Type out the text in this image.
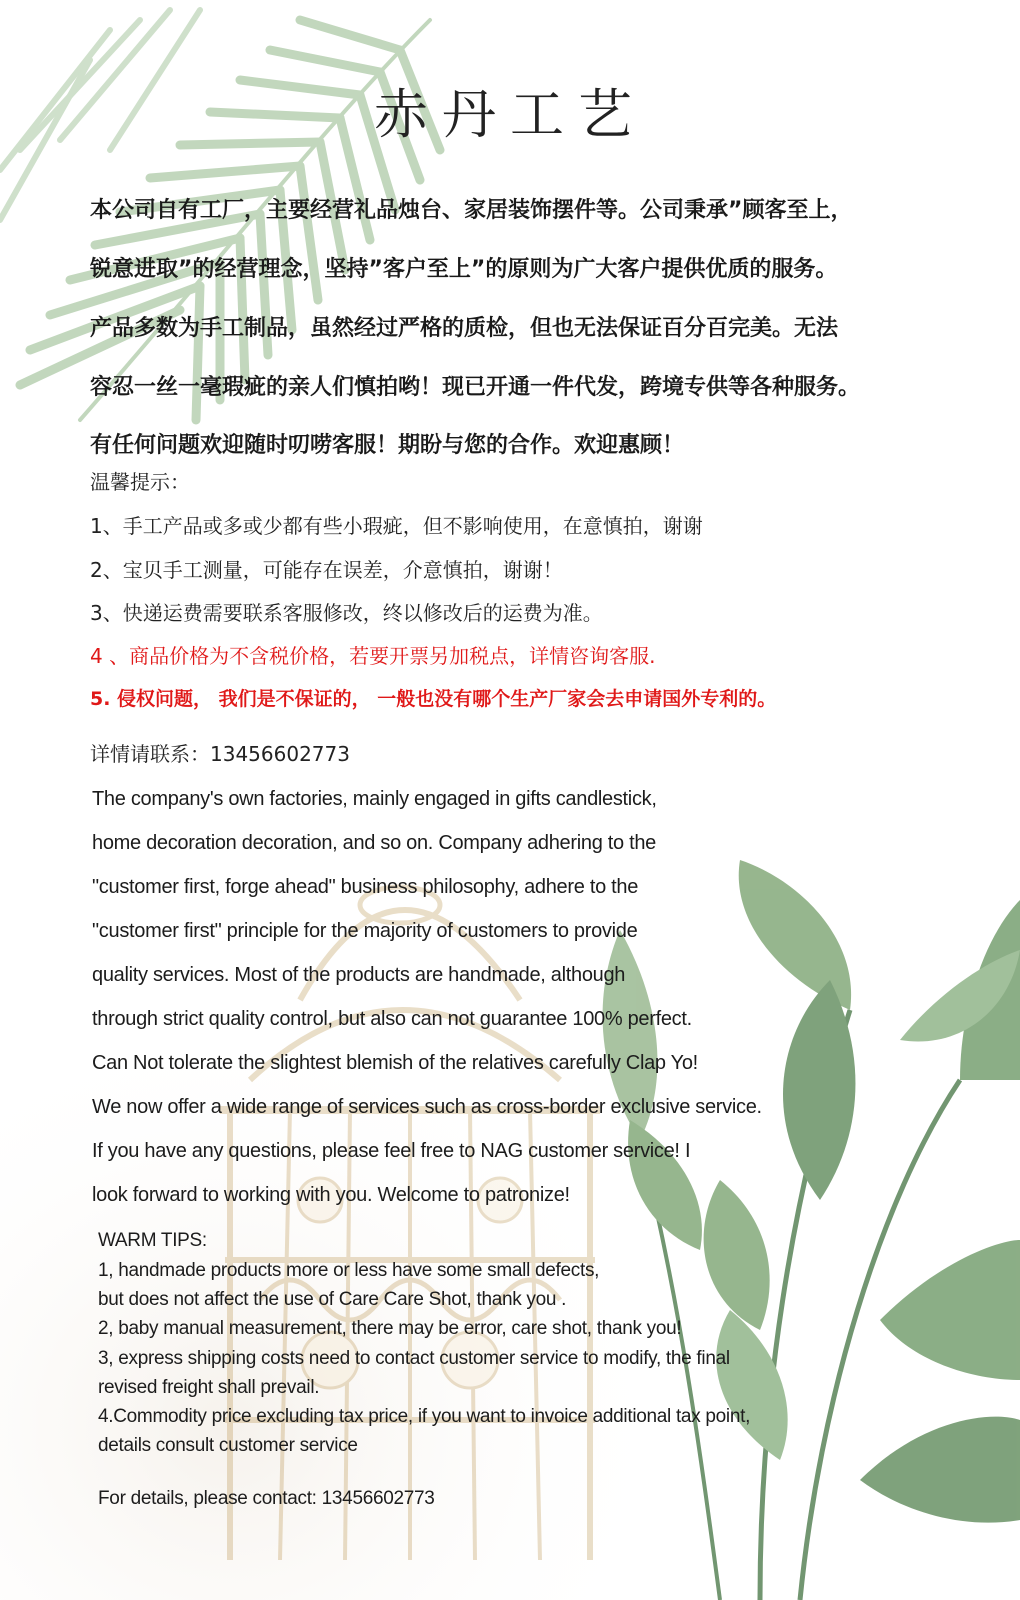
赤丹工艺

本公司自有工厂，主要经营礼品烛台、家居装饰摆件等。公司秉承”顾客至上，

锐意进取”的经营理念，坚持”客户至上”的原则为广大客户提供优质的服务。

产品多数为手工制品，虽然经过严格的质检，但也无法保证百分百完美。无法

容忍一丝一毫瑕疵的亲人们慎拍哟！现已开通一件代发，跨境专供等各种服务。

有任何问题欢迎随时叨唠客服！期盼与您的合作。欢迎惠顾！

温馨提示：
1、手工产品或多或少都有些小瑕疵，但不影响使用，在意慎拍，谢谢
2、宝贝手工测量，可能存在误差，介意慎拍，谢谢！
3、快递运费需要联系客服修改，终以修改后的运费为准。
4 、商品价格为不含税价格，若要开票另加税点，详情咨询客服.
5. 侵权问题， 我们是不保证的， 一般也没有哪个生产厂家会去申请国外专利的。
详情请联系：13456602773

The company's own factories, mainly engaged in gifts candlestick,

home decoration decoration, and so on. Company adhering to the

"customer first, forge ahead" business philosophy, adhere to the

"customer first" principle for the majority of customers to provide

quality services. Most of the products are handmade, although

through strict quality control, but also can not guarantee 100% perfect.

Can Not tolerate the slightest blemish of the relatives carefully Clap Yo!

We now offer a wide range of services such as cross-border exclusive service.

If you have any questions, please feel free to NAG customer service! I

look forward to working with you. Welcome to patronize!

WARM TIPS:
1, handmade products more or less have some small defects,
but does not affect the use of Care Care Shot, thank you .
2, baby manual measurement, there may be error, care shot, thank you!
3, express shipping costs need to contact customer service to modify, the final
revised freight shall prevail.
4.Commodity price excluding tax price, if you want to invoice additional tax point,
details consult customer service
For details, please contact: 13456602773
